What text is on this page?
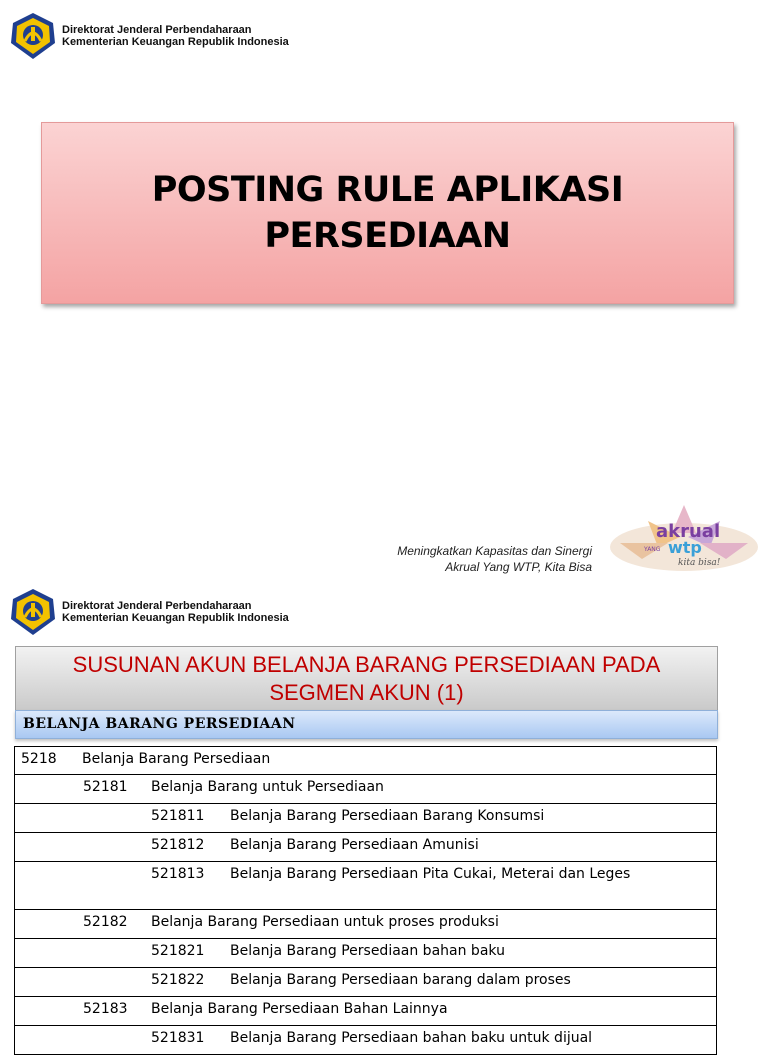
Direktorat Jenderal Perbendaharaan
Kementerian Keuangan Republik Indonesia
POSTING RULE APLIKASI
PERSEDIAAN
Meningkatkan Kapasitas dan Sinergi
Akrual Yang WTP, Kita Bisa
akrual
YANG wtp
kita bisa!
Direktorat Jenderal Perbendaharaan
Kementerian Keuangan Republik Indonesia
SUSUNAN AKUN BELANJA BARANG PERSEDIAAN PADA
SEGMEN AKUN (1)
BELANJA BARANG PERSEDIAAN
5218 Belanja Barang Persediaan

52181 Belanja Barang untuk Persediaan

521811 Belanja Barang Persediaan Barang Konsumsi

521812 Belanja Barang Persediaan Amunisi

521813 Belanja Barang Persediaan Pita Cukai, Meterai dan Leges

52182 Belanja Barang Persediaan untuk proses produksi

521821 Belanja Barang Persediaan bahan baku

521822 Belanja Barang Persediaan barang dalam proses

52183 Belanja Barang Persediaan Bahan Lainnya

521831 Belanja Barang Persediaan bahan baku untuk dijual
